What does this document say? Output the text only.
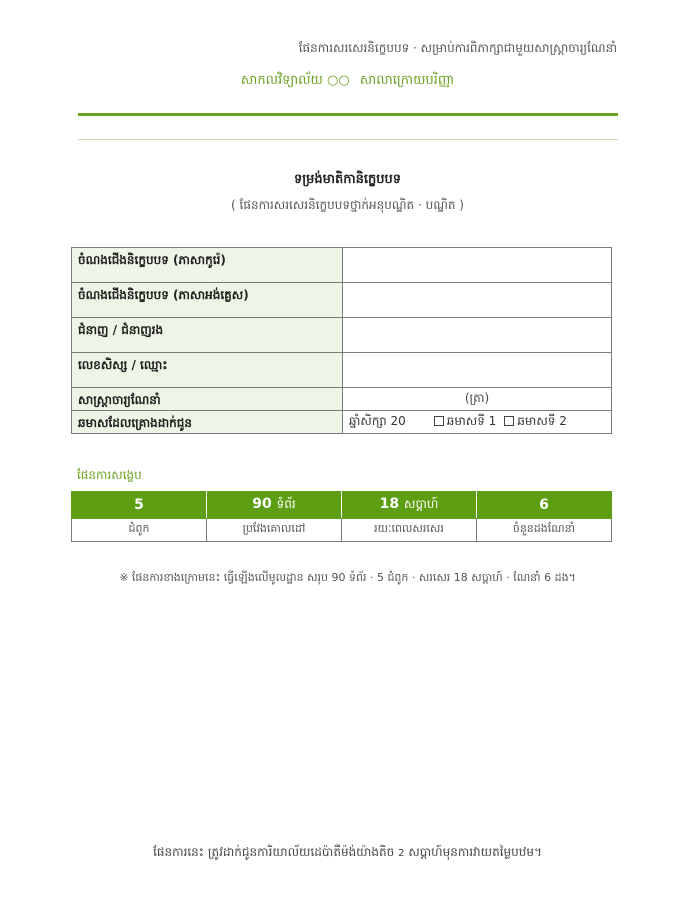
ផែនការសរសេរនិក្ខេបបទ · សម្រាប់ការពិភាក្សាជាមួយសាស្ត្រាចារ្យណែនាំ
សាកលវិទ្យាល័យ ○○ សាលាក្រោយបរិញ្ញា
ទម្រង់មាតិកានិក្ខេបបទ
( ផែនការសរសេរនិក្ខេបបទថ្នាក់អនុបណ្ឌិត · បណ្ឌិត )
ចំណងជើងនិក្ខេបបទ (ភាសាកូរ៉េ)	
ចំណងជើងនិក្ខេបបទ (ភាសាអង់គ្លេស)	
ជំនាញ / ជំនាញរង	
លេខសិស្ស / ឈ្មោះ	
សាស្ត្រាចារ្យណែនាំ	(ត្រា)
ឆមាសដែលគ្រោងដាក់ជូន	ឆ្នាំសិក្សា 20 ឆមាសទី 1 ឆមាសទី 2
ផែនការសង្ខេប
5	90 ទំព័រ	18 សប្តាហ៍	6
ជំពូក	ប្រវែងគោលដៅ	រយៈពេលសរសេរ	ចំនួនដងណែនាំ
※ ផែនការខាងក្រោមនេះ ធ្វើឡើងលើមូលដ្ឋាន សរុប 90 ទំព័រ · 5 ជំពូក · សរសេរ 18 សប្តាហ៍ · ណែនាំ 6 ដង។
ផែនការនេះ ត្រូវដាក់ជូនការិយាល័យដេប៉ាតឺម៉ង់យ៉ាងតិច 2 សប្តាហ៍មុនការវាយតម្លៃបឋម។
